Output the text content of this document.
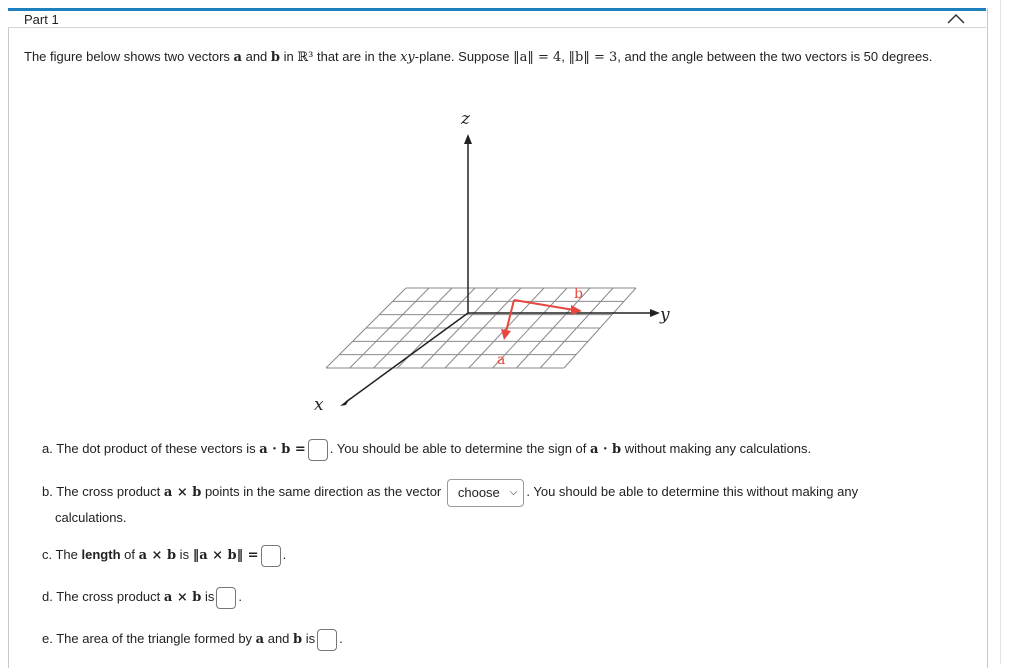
Part 1
The figure below shows two vectors a and b in ℝ³ that are in the xy-plane. Suppose ‖a‖ = 4, ‖b‖ = 3, and the angle between the two vectors is 50 degrees.
z
y
x
b
a
a. The dot product of these vectors is a · b = . You should be able to determine the sign of a · b without making any calculations.
b. The cross product a × b points in the same direction as the vector choose ⌵ . You should be able to determine this without making any
calculations.
c. The length of a × b is ‖a × b‖ = .
d. The cross product a × b is .
e. The area of the triangle formed by a and b is .
